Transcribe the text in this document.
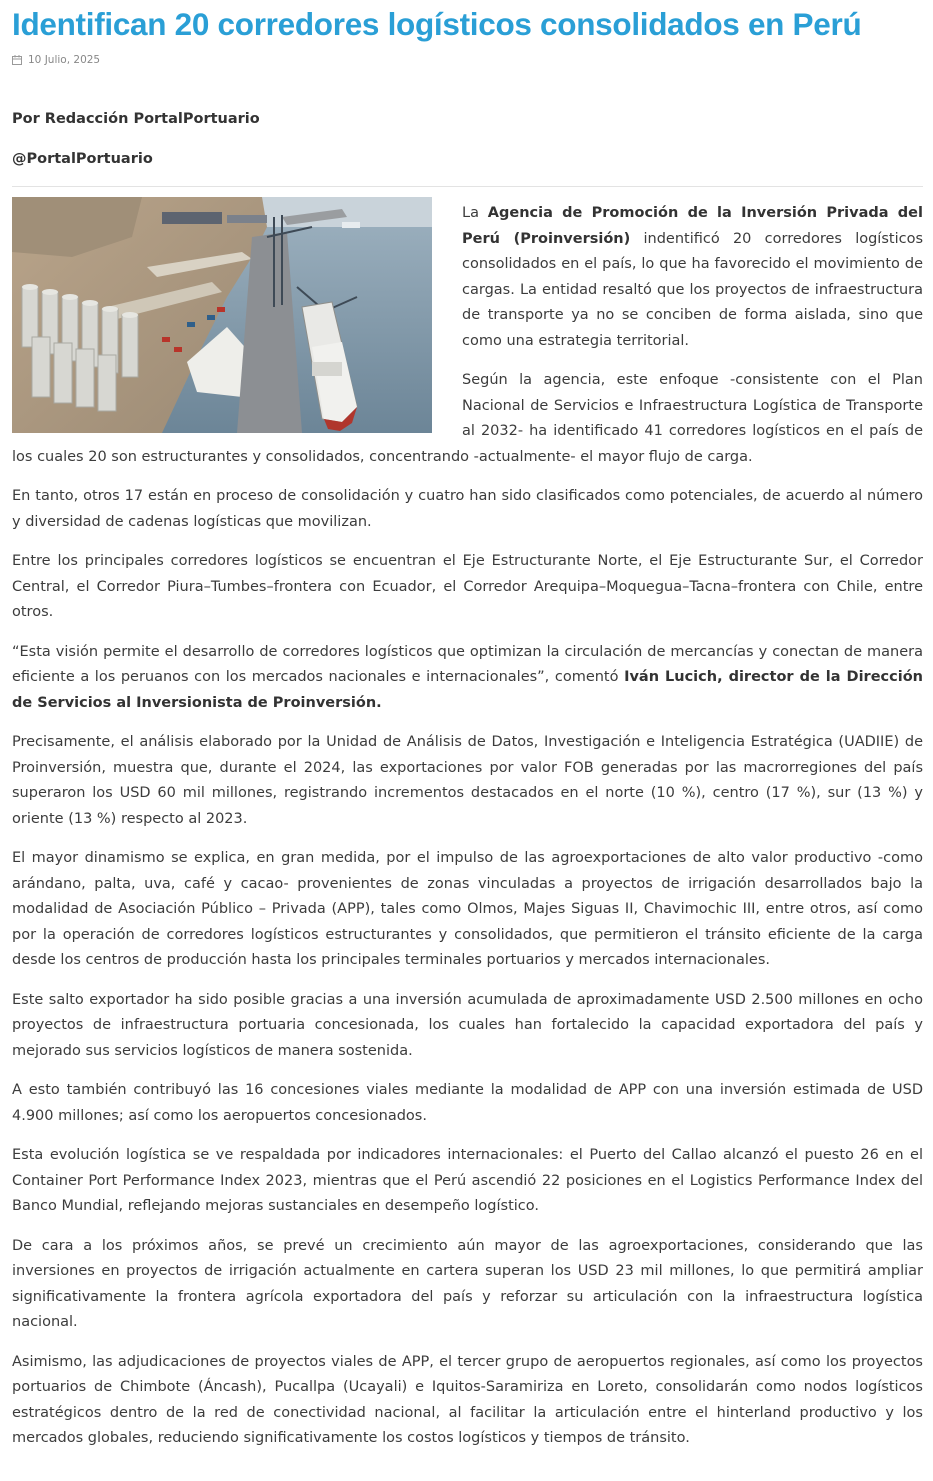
Identifican 20 corredores logísticos consolidados en Perú
10 Julio, 2025
Por Redacción PortalPortuario
@PortalPortuario

La Agencia de Promoción de la Inversión Privada del Perú (Proinversión) indentificó 20 corredores logísticos consolidados en el país, lo que ha favorecido el movimiento de cargas. La entidad resaltó que los proyectos de infraestructura de transporte ya no se conciben de forma aislada, sino que como una estrategia territorial.

Según la agencia, este enfoque -consistente con el Plan Nacional de Servicios e Infraestructura Logística de Transporte al 2032- ha identificado 41 corredores logísticos en el país de los cuales 20 son estructurantes y consolidados, concentrando -actualmente- el mayor flujo de carga.

En tanto, otros 17 están en proceso de consolidación y cuatro han sido clasificados como potenciales, de acuerdo al número y diversidad de cadenas logísticas que movilizan.

Entre los principales corredores logísticos se encuentran el Eje Estructurante Norte, el Eje Estructurante Sur, el Corredor Central, el Corredor Piura–Tumbes–frontera con Ecuador, el Corredor Arequipa–Moquegua–Tacna–frontera con Chile, entre otros.

“Esta visión permite el desarrollo de corredores logísticos que optimizan la circulación de mercancías y conectan de manera eficiente a los peruanos con los mercados nacionales e internacionales”, comentó Iván Lucich, director de la Dirección de Servicios al Inversionista de Proinversión.

Precisamente, el análisis elaborado por la Unidad de Análisis de Datos, Investigación e Inteligencia Estratégica (UADIIE) de Proinversión, muestra que, durante el 2024, las exportaciones por valor FOB generadas por las macrorregiones del país superaron los USD 60 mil millones, registrando incrementos destacados en el norte (10 %), centro (17 %), sur (13 %) y oriente (13 %) respecto al 2023.

El mayor dinamismo se explica, en gran medida, por el impulso de las agroexportaciones de alto valor productivo -como arándano, palta, uva, café y cacao- provenientes de zonas vinculadas a proyectos de irrigación desarrollados bajo la modalidad de Asociación Público – Privada (APP), tales como Olmos, Majes Siguas II, Chavimochic III, entre otros, así como por la operación de corredores logísticos estructurantes y consolidados, que permitieron el tránsito eficiente de la carga desde los centros de producción hasta los principales terminales portuarios y mercados internacionales.

Este salto exportador ha sido posible gracias a una inversión acumulada de aproximadamente USD 2.500 millones en ocho proyectos de infraestructura portuaria concesionada, los cuales han fortalecido la capacidad exportadora del país y mejorado sus servicios logísticos de manera sostenida.

A esto también contribuyó las 16 concesiones viales mediante la modalidad de APP con una inversión estimada de USD 4.900 millones; así como los aeropuertos concesionados.

Esta evolución logística se ve respaldada por indicadores internacionales: el Puerto del Callao alcanzó el puesto 26 en el Container Port Performance Index 2023, mientras que el Perú ascendió 22 posiciones en el Logistics Performance Index del Banco Mundial, reflejando mejoras sustanciales en desempeño logístico.

De cara a los próximos años, se prevé un crecimiento aún mayor de las agroexportaciones, considerando que las inversiones en proyectos de irrigación actualmente en cartera superan los USD 23 mil millones, lo que permitirá ampliar significativamente la frontera agrícola exportadora del país y reforzar su articulación con la infraestructura logística nacional.

Asimismo, las adjudicaciones de proyectos viales de APP, el tercer grupo de aeropuertos regionales, así como los proyectos portuarios de Chimbote (Áncash), Pucallpa (Ucayali) e Iquitos-Saramiriza en Loreto, consolidarán como nodos logísticos estratégicos dentro de la red de conectividad nacional, al facilitar la articulación entre el hinterland productivo y los mercados globales, reduciendo significativamente los costos logísticos y tiempos de tránsito.
